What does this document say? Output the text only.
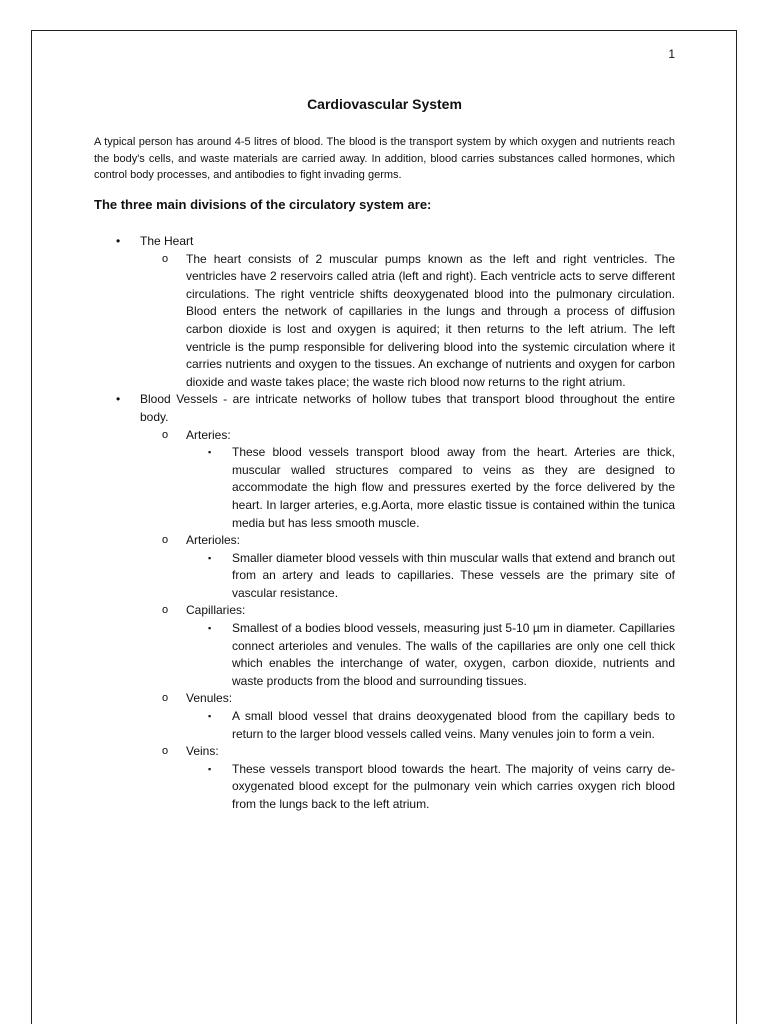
1
Cardiovascular System

A typical person has around 4-5 litres of blood. The blood is the transport system by which oxygen and nutrients reach the body's cells, and waste materials are carried away. In addition, blood carries substances called hormones, which control body processes, and antibodies to fight invading germs.

The three main divisions of the circulatory system are:
• The Heart
o The heart consists of 2 muscular pumps known as the left and right ventricles. The ventricles have 2 reservoirs called atria (left and right). Each ventricle acts to serve different circulations. The right ventricle shifts deoxygenated blood into the pulmonary circulation. Blood enters the network of capillaries in the lungs and through a process of diffusion carbon dioxide is lost and oxygen is aquired; it then returns to the left atrium. The left ventricle is the pump responsible for delivering blood into the systemic circulation where it carries nutrients and oxygen to the tissues. An exchange of nutrients and oxygen for carbon dioxide and waste takes place; the waste rich blood now returns to the right atrium.
• Blood Vessels - are intricate networks of hollow tubes that transport blood throughout the entire body.
o Arteries:
▪ These blood vessels transport blood away from the heart. Arteries are thick, muscular walled structures compared to veins as they are designed to accommodate the high flow and pressures exerted by the force delivered by the heart. In larger arteries, e.g.Aorta, more elastic tissue is contained within the tunica media but has less smooth muscle.
o Arterioles:
▪ Smaller diameter blood vessels with thin muscular walls that extend and branch out from an artery and leads to capillaries. These vessels are the primary site of vascular resistance.
o Capillaries:
▪ Smallest of a bodies blood vessels, measuring just 5-10 µm in diameter. Capillaries connect arterioles and venules. The walls of the capillaries are only one cell thick which enables the interchange of water, oxygen, carbon dioxide, nutrients and waste products from the blood and surrounding tissues.
o Venules:
▪ A small blood vessel that drains deoxygenated blood from the capillary beds to return to the larger blood vessels called veins. Many venules join to form a vein.
o Veins:
▪ These vessels transport blood towards the heart. The majority of veins carry de-oxygenated blood except for the pulmonary vein which carries oxygen rich blood from the lungs back to the left atrium.
